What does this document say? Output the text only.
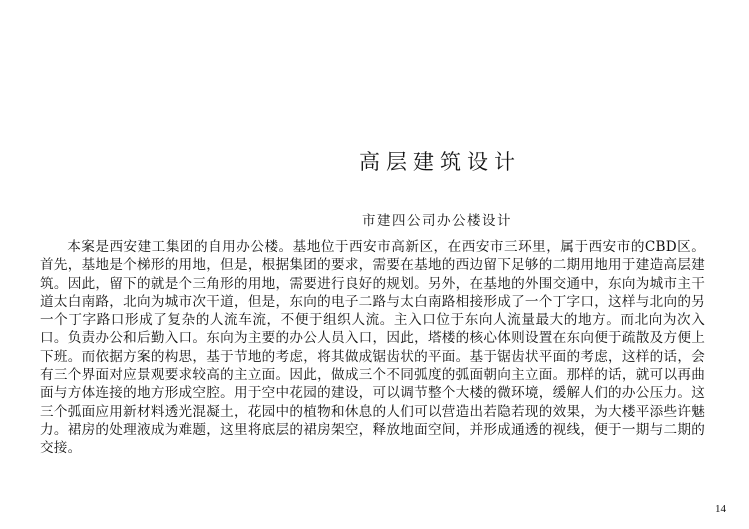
高层建筑设计
市建四公司办公楼设计

本案是西安建工集团的自用办公楼。基地位于西安市高新区，在西安市三环里，属于西安市的CBD区。首先，基地是个梯形的用地，但是，根据集团的要求，需要在基地的西边留下足够的二期用地用于建造高层建筑。因此，留下的就是个三角形的用地，需要进行良好的规划。另外，在基地的外围交通中，东向为城市主干道太白南路，北向为城市次干道，但是，东向的电子二路与太白南路相接形成了一个丁字口，这样与北向的另一个丁字路口形成了复杂的人流车流，不便于组织人流。主入口位于东向人流量最大的地方。而北向为次入口。负责办公和后勤入口。东向为主要的办公人员入口，因此，塔楼的核心体则设置在东向便于疏散及方便上下班。而依据方案的构思，基于节地的考虑，将其做成锯齿状的平面。基于锯齿状平面的考虑，这样的话，会有三个界面对应景观要求较高的主立面。因此，做成三个不同弧度的弧面朝向主立面。那样的话，就可以再曲面与方体连接的地方形成空腔。用于空中花园的建设，可以调节整个大楼的微环境，缓解人们的办公压力。这三个弧面应用新材料透光混凝土，花园中的植物和休息的人们可以营造出若隐若现的效果，为大楼平添些许魅力。裙房的处理液成为难题，这里将底层的裙房架空，释放地面空间，并形成通透的视线，便于一期与二期的交接。

14
